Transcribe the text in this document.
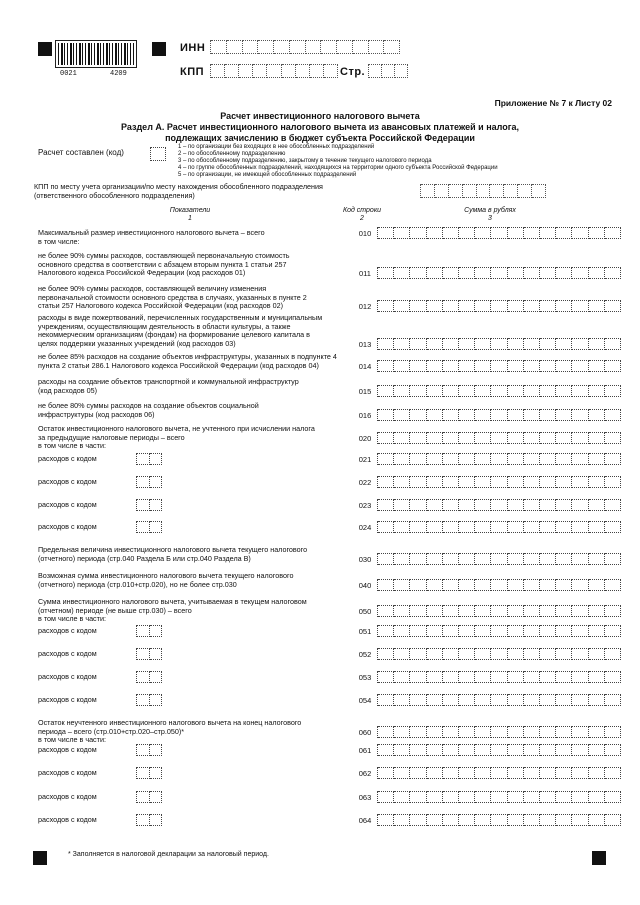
0021	4209
ИНН
КПП	Стр.
Приложение № 7 к Листу 02
Расчет инвестиционного налогового вычета
Раздел А. Расчет инвестиционного налогового вычета из авансовых платежей и налога,
подлежащих зачислению в бюджет субъекта Российской Федерации
Расчет составлен (код)
1 – по организации без входящих в нее обособленных подразделений
2 – по обособленному подразделению
3 – по обособленному подразделению, закрытому в течение текущего налогового периода
4 – по группе обособленных подразделений, находящихся на территории одного субъекта Российской Федерации
5 – по организации, не имеющей обособленных подразделений
КПП по месту учета организации/по месту нахождения обособленного подразделения
(ответственного обособленного подразделения)
Показатели
1
Код строки
2
Сумма в рублях
3
Максимальный размер инвестиционного налогового вычета – всего
в том числе:
010
не более 90% суммы расходов, составляющей первоначальную стоимость
основного средства в соответствии с абзацем вторым пункта 1 статьи 257
Налогового кодекса Российской Федерации (код расходов 01)	011
не более 90% суммы расходов, составляющей величину изменения
первоначальной стоимости основного средства в случаях, указанных в пункте 2
статьи 257 Налогового кодекса Российской Федерации (код расходов 02)	012
расходы в виде пожертвований, перечисленных государственным и муниципальным
учреждениям, осуществляющим деятельность в области культуры, а также
некоммерческим организациям (фондам) на формирование целевого капитала в
целях поддержки указанных учреждений (код расходов 03)	013
не более 85% расходов на создание объектов инфраструктуры, указанных в подпункте 4
пункта 2 статьи 286.1 Налогового кодекса Российской Федерации (код расходов 04)	014
расходы на создание объектов транспортной и коммунальной инфраструктур
(код расходов 05)	015
не более 80% суммы расходов на создание объектов социальной
инфраструктуры (код расходов 06)	016
Остаток инвестиционного налогового вычета, не учтенного при исчислении налога
за предыдущие налоговые периоды – всего
в том числе в части:
020
расходов с кодом	021
расходов с кодом	022
расходов с кодом	023
расходов с кодом	024
Предельная величина инвестиционного налогового вычета текущего налогового
(отчетного) периода (стр.040 Раздела Б или стр.040 Раздела В)	030
Возможная сумма инвестиционного налогового вычета текущего налогового
(отчетного) периода (стр.010+стр.020), но не более стр.030	040
Сумма инвестиционного налогового вычета, учитываемая в текущем налоговом
(отчетном) периоде (не выше стр.030) – всего
в том числе в части:
050
расходов с кодом	051
расходов с кодом	052
расходов с кодом	053
расходов с кодом	054
Остаток неучтенного инвестиционного налогового вычета на конец налогового
периода – всего (стр.010+стр.020–стр.050)*
в том числе в части:
060
расходов с кодом	061
расходов с кодом	062
расходов с кодом	063
расходов с кодом	064
* Заполняется в налоговой декларации за налоговый период.
